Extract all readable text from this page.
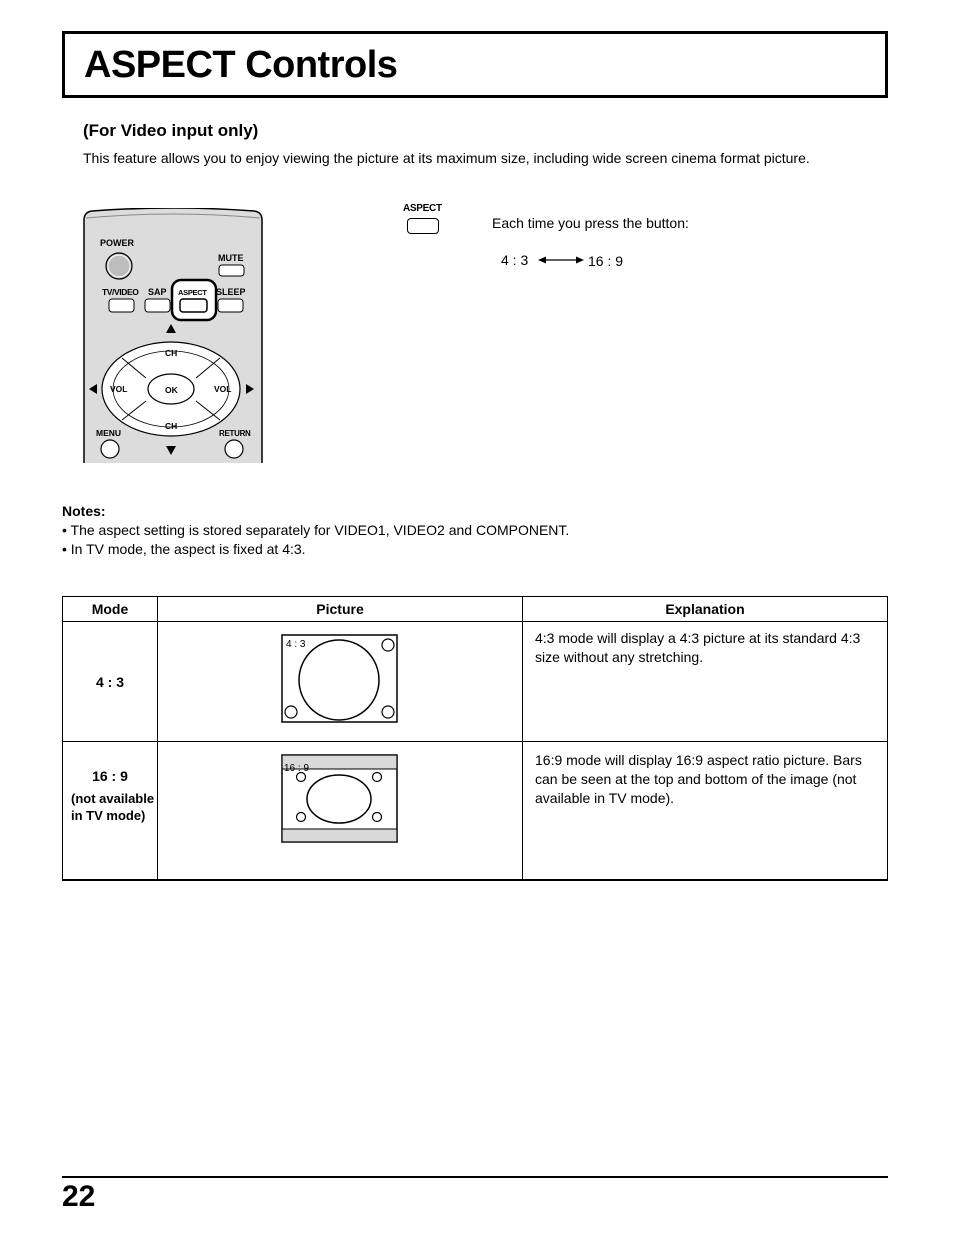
ASPECT Controls
(For Video input only)
This feature allows you to enjoy viewing the picture at its maximum size, including wide screen cinema format picture.
POWER
MUTE
TV/VIDEO SAP	SLEEP
ASPECT
OK
CH
CH
VOL	VOL
MENU	RETURN
ASPECT
Each time you press the button:
4 : 3	16 : 9
Notes:
• The aspect setting is stored separately for VIDEO1, VIDEO2 and COMPONENT.
• In TV mode, the aspect is fixed at 4:3.
Mode	Picture	Explanation
4 : 3	4 : 3	4:3 mode will display a 4:3 picture at its standard 4:3 size without any stretching.

16 : 9
(not available in TV mode)	16 : 9	16:9 mode will display 16:9 aspect ratio picture. Bars can be seen at the top and bottom of the image (not available in TV mode).
22
